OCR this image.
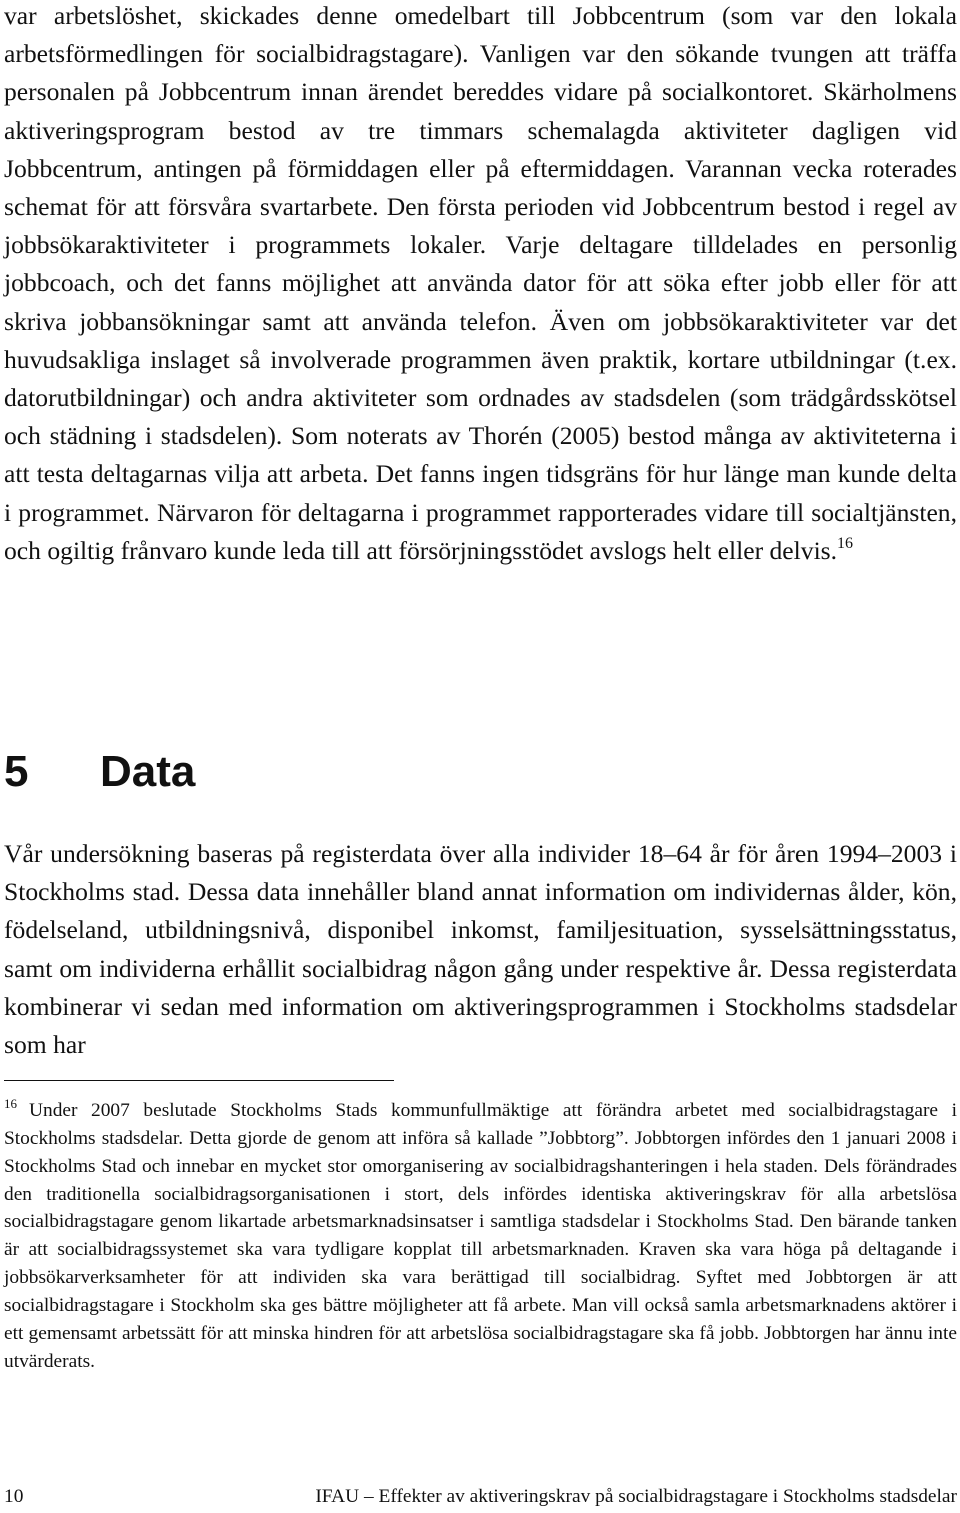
var arbetslöshet, skickades denne omedelbart till Jobbcentrum (som var den lokala arbetsförmedlingen för socialbidragstagare). Vanligen var den sökande tvungen att träffa personalen på Jobbcentrum innan ärendet bereddes vidare på socialkontoret. Skärholmens aktiveringsprogram bestod av tre timmars schemalagda aktiviteter dagligen vid Jobbcentrum, antingen på förmiddagen eller på eftermiddagen. Varannan vecka roterades schemat för att försvåra svartarbete. Den första perioden vid Jobbcentrum bestod i regel av jobbsökaraktiviteter i programmets lokaler. Varje deltagare tilldelades en personlig jobbcoach, och det fanns möjlighet att använda dator för att söka efter jobb eller för att skriva jobbansökningar samt att använda telefon. Även om jobbsökaraktiviteter var det huvudsakliga inslaget så involverade programmen även praktik, kortare utbildningar (t.ex. datorutbildningar) och andra aktiviteter som ordnades av stadsdelen (som trädgårdsskötsel och städning i stadsdelen). Som noterats av Thorén (2005) bestod många av aktiviteterna i att testa deltagarnas vilja att arbeta. Det fanns ingen tidsgräns för hur länge man kunde delta i programmet. Närvaron för deltagarna i programmet rapporterades vidare till socialtjänsten, och ogiltig frånvaro kunde leda till att försörjningsstödet avslogs helt eller delvis.$^{16}$

5 Data

Vår undersökning baseras på registerdata över alla individer 18–64 år för åren 1994–2003 i Stockholms stad. Dessa data innehåller bland annat information om individernas ålder, kön, födelseland, utbildningsnivå, disponibel inkomst, familjesituation, sysselsättningsstatus, samt om individerna erhållit socialbidrag någon gång under respektive år. Dessa registerdata kombinerar vi sedan med information om aktiveringsprogrammen i Stockholms stadsdelar som har

$^{16}$ Under 2007 beslutade Stockholms Stads kommunfullmäktige att förändra arbetet med socialbidragstagare i Stockholms stadsdelar. Detta gjorde de genom att införa så kallade ”Jobbtorg”. Jobbtorgen infördes den 1 januari 2008 i Stockholms Stad och innebar en mycket stor omorganisering av socialbidragshanteringen i hela staden. Dels förändrades den traditionella socialbidragsorganisationen i stort, dels infördes identiska aktiveringskrav för alla arbetslösa socialbidragstagare genom likartade arbetsmarknadsinsatser i samtliga stadsdelar i Stockholms Stad. Den bärande tanken är att socialbidragssystemet ska vara tydligare kopplat till arbetsmarknaden. Kraven ska vara höga på deltagande i jobbsökarverksamheter för att individen ska vara berättigad till socialbidrag. Syftet med Jobbtorgen är att socialbidragstagare i Stockholm ska ges bättre möjligheter att få arbete. Man vill också samla arbetsmarknadens aktörer i ett gemensamt arbetssätt för att minska hindren för att arbetslösa socialbidragstagare ska få jobb. Jobbtorgen har ännu inte utvärderats.

10	IFAU – Effekter av aktiveringskrav på socialbidragstagare i Stockholms stadsdelar
